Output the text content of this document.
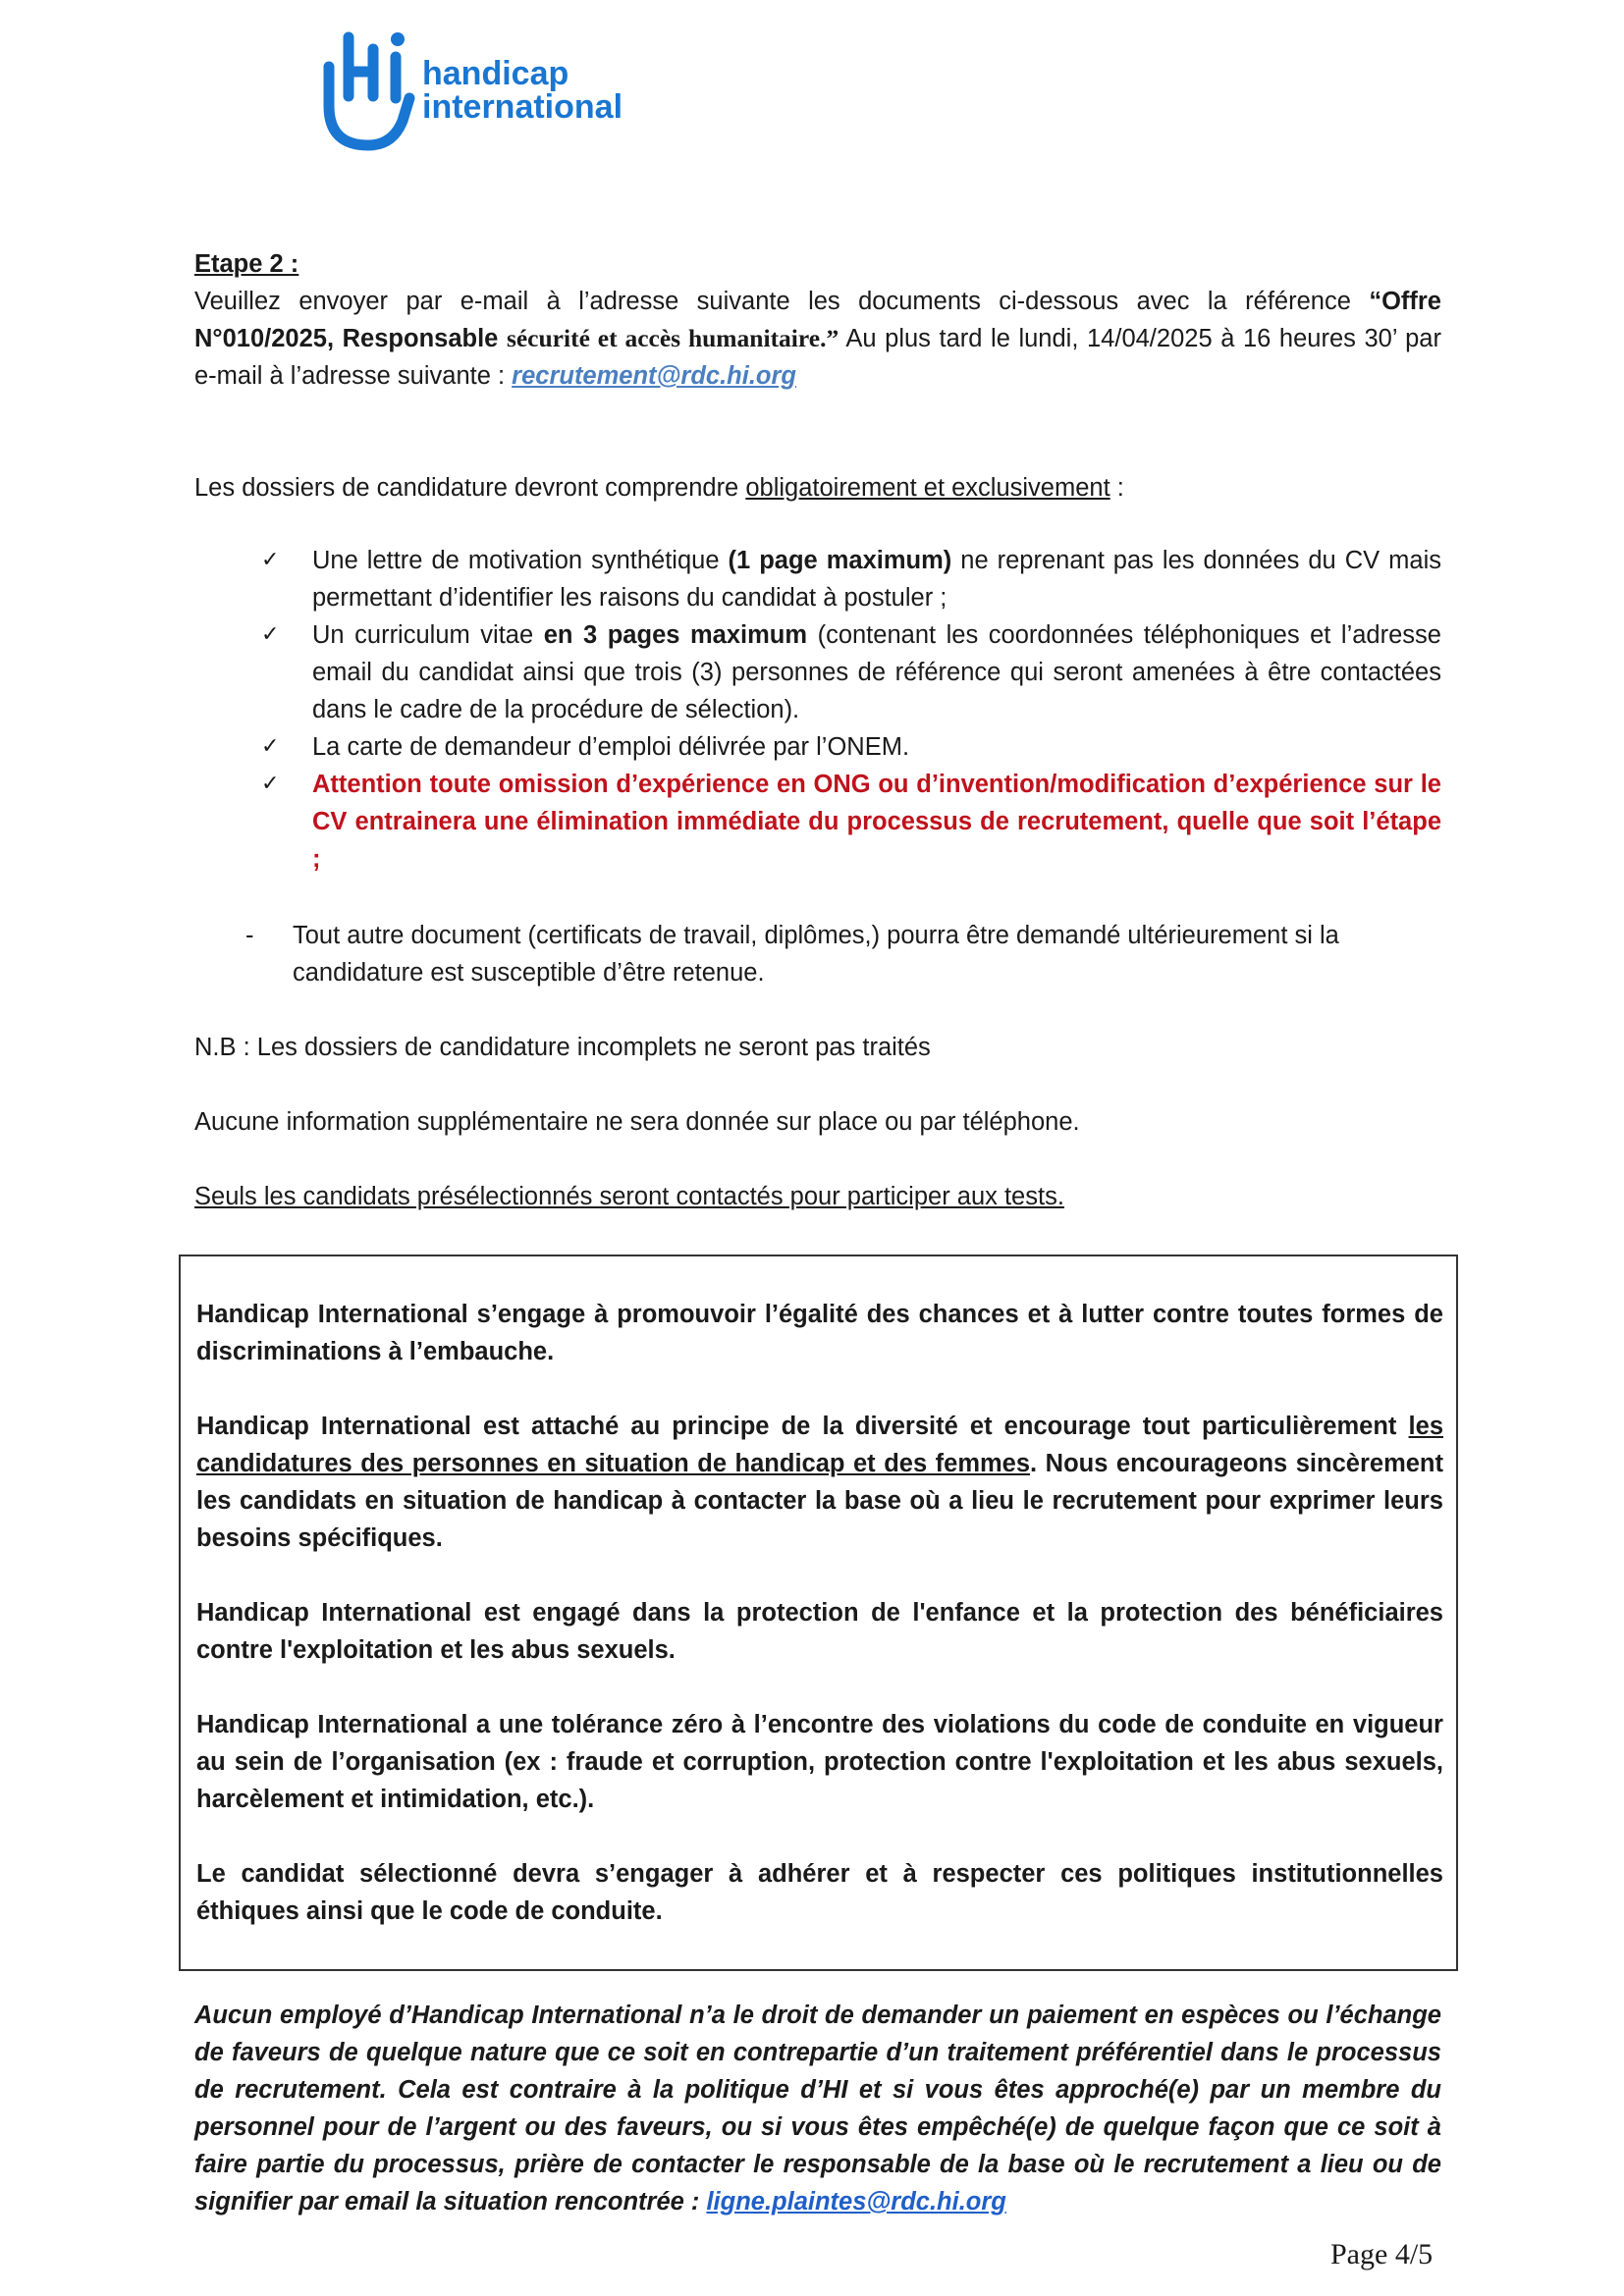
handicap
international

Etape 2 :

Veuillez envoyer par e-mail à l’adresse suivante les documents ci-dessous avec la référence “Offre N°010/2025, Responsable sécurité et accès humanitaire.” Au plus tard le lundi, 14/04/2025 à 16 heures 30’ par e-mail à l’adresse suivante : recrutement@rdc.hi.org

Les dossiers de candidature devront comprendre obligatoirement et exclusivement :

✓ Une lettre de motivation synthétique (1 page maximum) ne reprenant pas les données du CV mais permettant d’identifier les raisons du candidat à postuler ;
✓ Un curriculum vitae en 3 pages maximum (contenant les coordonnées téléphoniques et l’adresse email du candidat ainsi que trois (3) personnes de référence qui seront amenées à être contactées dans le cadre de la procédure de sélection).
✓ La carte de demandeur d’emploi délivrée par l’ONEM.
✓ Attention toute omission d’expérience en ONG ou d’invention/modification d’expérience sur le CV entrainera une élimination immédiate du processus de recrutement, quelle que soit l’étape ;
- Tout autre document (certificats de travail, diplômes,) pourra être demandé ultérieurement si la candidature est susceptible d’être retenue.

N.B : Les dossiers de candidature incomplets ne seront pas traités

Aucune information supplémentaire ne sera donnée sur place ou par téléphone.

Seuls les candidats présélectionnés seront contactés pour participer aux tests.

Handicap International s’engage à promouvoir l’égalité des chances et à lutter contre toutes formes de discriminations à l’embauche.

Handicap International est attaché au principe de la diversité et encourage tout particulièrement les candidatures des personnes en situation de handicap et des femmes. Nous encourageons sincèrement les candidats en situation de handicap à contacter la base où a lieu le recrutement pour exprimer leurs besoins spécifiques.

Handicap International est engagé dans la protection de l'enfance et la protection des bénéficiaires contre l'exploitation et les abus sexuels.

Handicap International a une tolérance zéro à l’encontre des violations du code de conduite en vigueur au sein de l’organisation (ex : fraude et corruption, protection contre l'exploitation et les abus sexuels, harcèlement et intimidation, etc.).

Le candidat sélectionné devra s’engager à adhérer et à respecter ces politiques institutionnelles éthiques ainsi que le code de conduite.

Aucun employé d’Handicap International n’a le droit de demander un paiement en espèces ou l’échange de faveurs de quelque nature que ce soit en contrepartie d’un traitement préférentiel dans le processus de recrutement. Cela est contraire à la politique d’HI et si vous êtes approché(e) par un membre du personnel pour de l’argent ou des faveurs, ou si vous êtes empêché(e) de quelque façon que ce soit à faire partie du processus, prière de contacter le responsable de la base où le recrutement a lieu ou de signifier par email la situation rencontrée : ligne.plaintes@rdc.hi.org

Page 4/5
